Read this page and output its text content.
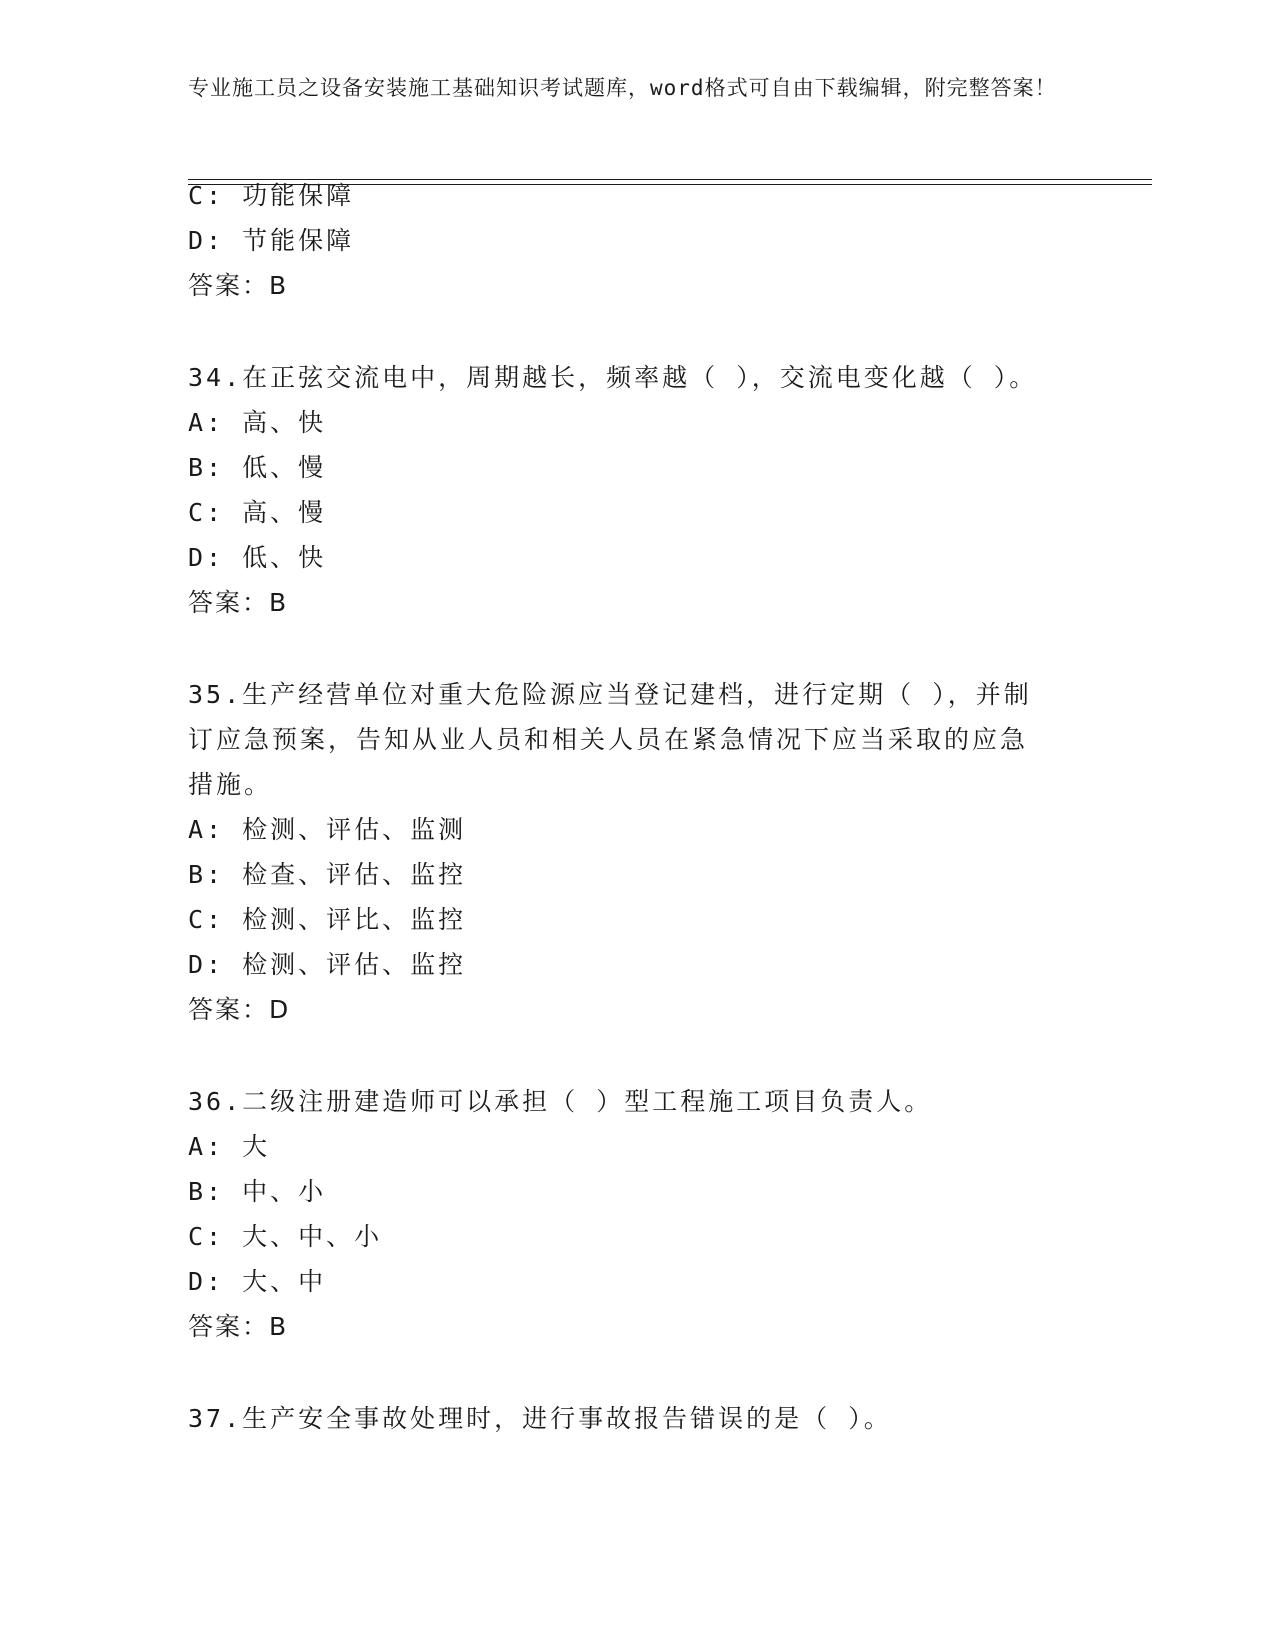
专业施工员之设备安装施工基础知识考试题库，word格式可自由下载编辑，附完整答案！
C: 功能保障
D: 节能保障
答案：B
34.在正弦交流电中，周期越长，频率越（ ），交流电变化越（ ）。
A: 高、快
B: 低、慢
C: 高、慢
D: 低、快
答案：B
35.生产经营单位对重大危险源应当登记建档，进行定期（ ），并制
订应急预案，告知从业人员和相关人员在紧急情况下应当采取的应急
措施。
A: 检测、评估、监测
B: 检查、评估、监控
C: 检测、评比、监控
D: 检测、评估、监控
答案：D
36.二级注册建造师可以承担（ ）型工程施工项目负责人。
A: 大
B: 中、小
C: 大、中、小
D: 大、中
答案：B
37.生产安全事故处理时，进行事故报告错误的是（ ）。
